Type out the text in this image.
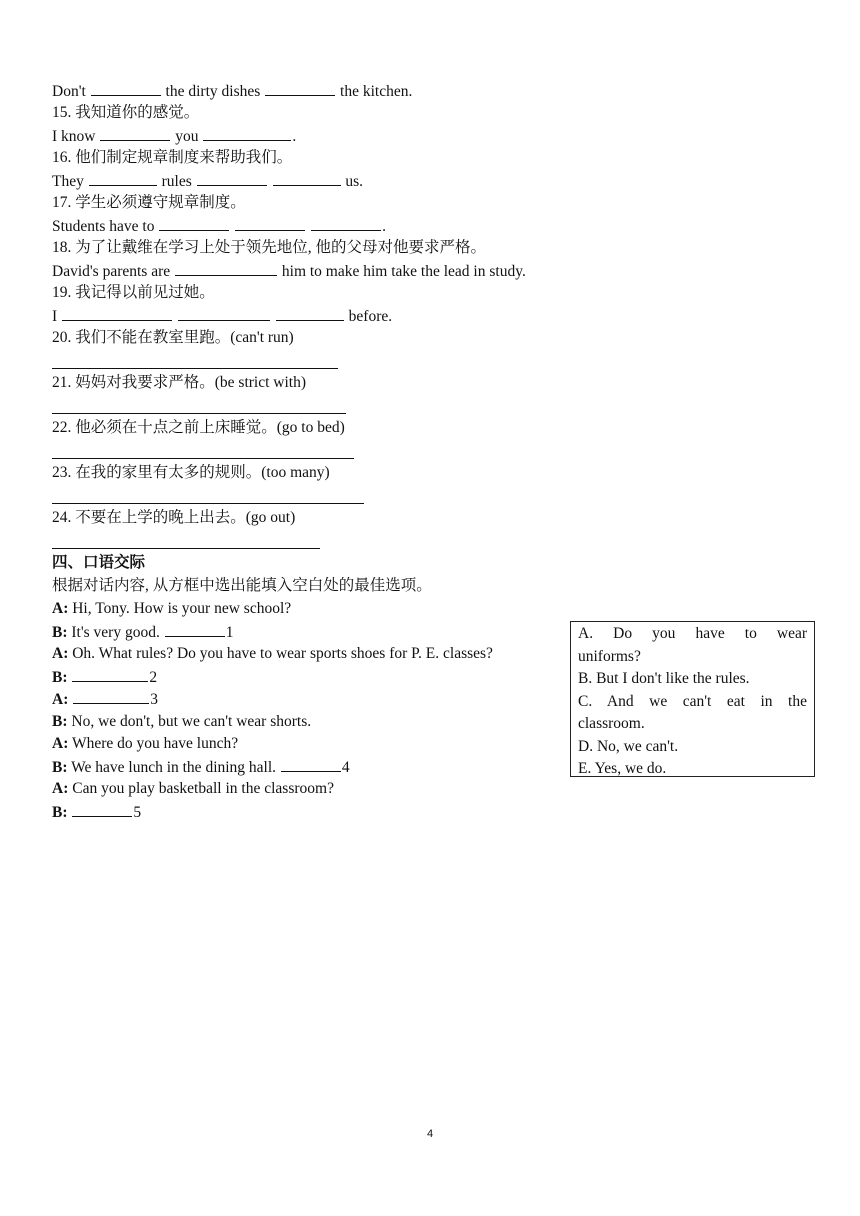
Don't	the dirty dishes	the kitchen.
15. 我知道你的感觉。
I know	you	.
16. 他们制定规章制度来帮助我们。
They	rules	us.
17. 学生必须遵守规章制度。
Students have to	.
18. 为了让戴维在学习上处于领先地位, 他的父母对他要求严格。
David's parents are	him to make him take the lead in study.
19. 我记得以前见过她。
I	before.
20. 我们不能在教室里跑。(can't run)
21. 妈妈对我要求严格。(be strict with)
22. 他必须在十点之前上床睡觉。(go to bed)
23. 在我的家里有太多的规则。(too many)
24. 不要在上学的晚上出去。(go out)
四、口语交际
根据对话内容, 从方框中选出能填入空白处的最佳选项。
A: Hi, Tony. How is your new school?
B: It's very good.	1
A: Oh. What rules? Do you have to wear sports shoes for P. E. classes?
B:	2
A:	3
B: No, we don't, but we can't wear shorts.
A: Where do you have lunch?
B: We have lunch in the dining hall.	4
A: Can you play basketball in the classroom?
B:	5
A. Do you have to wear
uniforms?
B. But I don't like the rules.
C. And we can't eat in the
classroom.
D. No, we can't.
E. Yes, we do.
4
